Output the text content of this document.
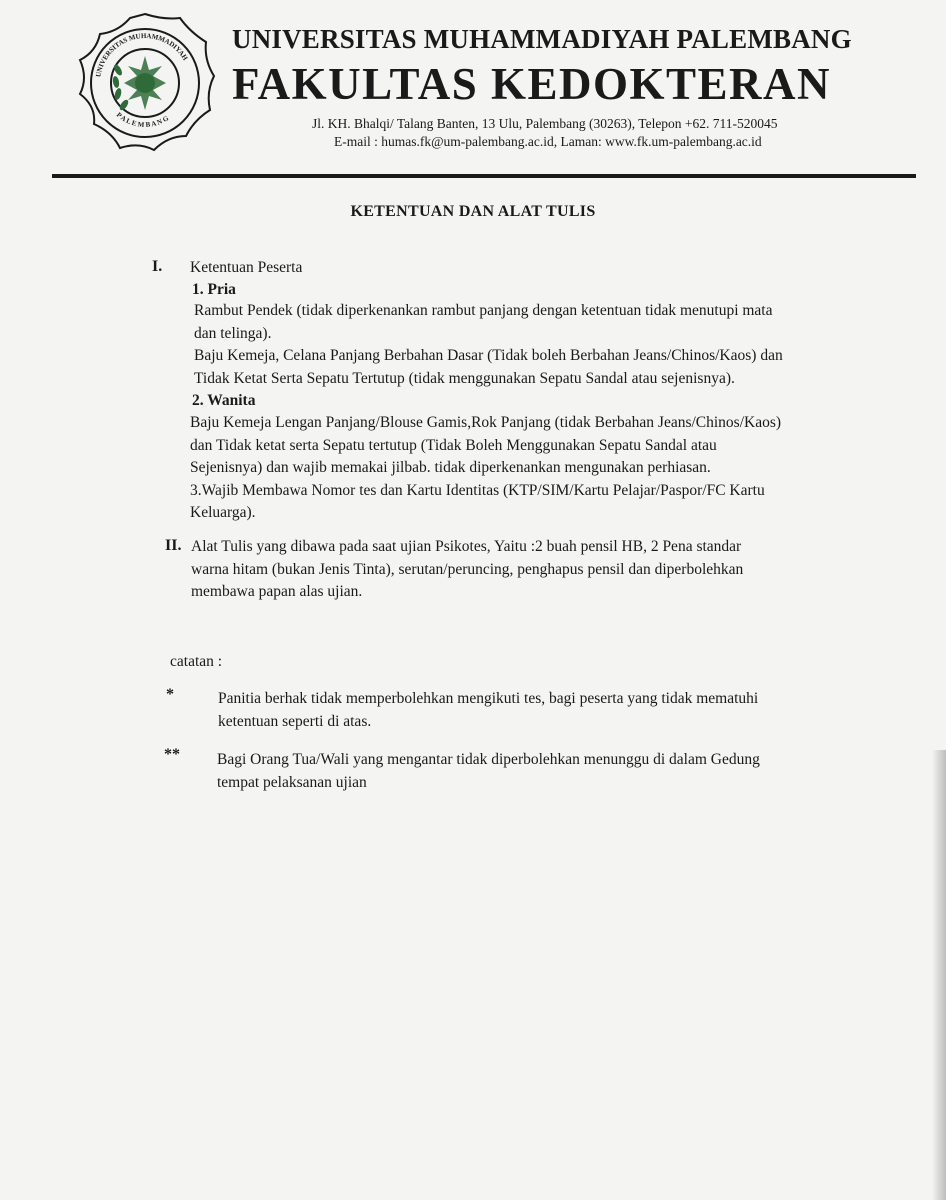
UNIVERSITAS MUHAMMADIYAH
P A L E M B A N G
UNIVERSITAS MUHAMMADIYAH PALEMBANG
FAKULTAS KEDOKTERAN
Jl. KH. Bhalqi/ Talang Banten, 13 Ulu, Palembang (30263), Telepon +62. 711-520045
E-mail : humas.fk@um-palembang.ac.id, Laman: www.fk.um-palembang.ac.id
KETENTUAN DAN ALAT TULIS
I. Ketentuan Peserta
1. Pria
Rambut Pendek (tidak diperkenankan rambut panjang dengan ketentuan tidak menutupi mata
dan telinga).
Baju Kemeja, Celana Panjang Berbahan Dasar (Tidak boleh Berbahan Jeans/Chinos/Kaos) dan
Tidak Ketat Serta Sepatu Tertutup (tidak menggunakan Sepatu Sandal atau sejenisnya).
2. Wanita
Baju Kemeja Lengan Panjang/Blouse Gamis,Rok Panjang (tidak Berbahan Jeans/Chinos/Kaos)
dan Tidak ketat serta Sepatu tertutup (Tidak Boleh Menggunakan Sepatu Sandal atau
Sejenisnya) dan wajib memakai jilbab. tidak diperkenankan mengunakan perhiasan.
3.Wajib Membawa Nomor tes dan Kartu Identitas (KTP/SIM/Kartu Pelajar/Paspor/FC Kartu
Keluarga).
II. Alat Tulis yang dibawa pada saat ujian Psikotes, Yaitu :2 buah pensil HB, 2 Pena standar
warna hitam (bukan Jenis Tinta), serutan/peruncing, penghapus pensil dan diperbolehkan
membawa papan alas ujian.
catatan :
*	Panitia berhak tidak memperbolehkan mengikuti tes, bagi peserta yang tidak mematuhi
ketentuan seperti di atas.
** Bagi Orang Tua/Wali yang mengantar tidak diperbolehkan menunggu di dalam Gedung
tempat pelaksanan ujian
